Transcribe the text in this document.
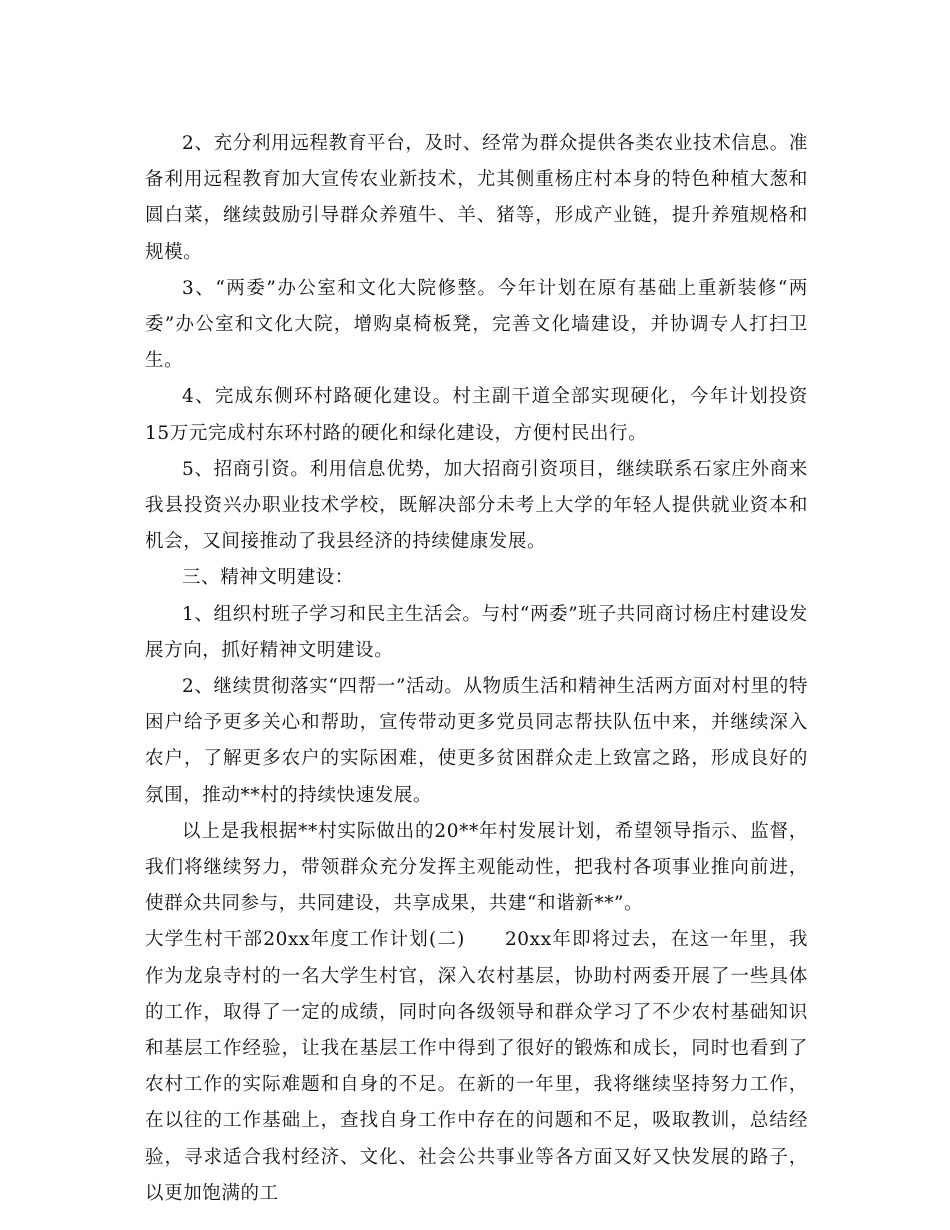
2、充分利用远程教育平台，及时、经常为群众提供各类农业技术信息。准备利用远程教育加大宣传农业新技术，尤其侧重杨庄村本身的特色种植大葱和圆白菜，继续鼓励引导群众养殖牛、羊、猪等，形成产业链，提升养殖规格和规模。

3、“两委”办公室和文化大院修整。今年计划在原有基础上重新装修“两委”办公室和文化大院，增购桌椅板凳，完善文化墙建设，并协调专人打扫卫生。

4、完成东侧环村路硬化建设。村主副干道全部实现硬化，今年计划投资15万元完成村东环村路的硬化和绿化建设，方便村民出行。

5、招商引资。利用信息优势，加大招商引资项目，继续联系石家庄外商来我县投资兴办职业技术学校，既解决部分未考上大学的年轻人提供就业资本和机会，又间接推动了我县经济的持续健康发展。

三、精神文明建设：

1、组织村班子学习和民主生活会。与村“两委”班子共同商讨杨庄村建设发展方向，抓好精神文明建设。

2、继续贯彻落实“四帮一”活动。从物质生活和精神生活两方面对村里的特困户给予更多关心和帮助，宣传带动更多党员同志帮扶队伍中来，并继续深入农户，了解更多农户的实际困难，使更多贫困群众走上致富之路，形成良好的氛围，推动**村的持续快速发展。

以上是我根据**村实际做出的20**年村发展计划，希望领导指示、监督，我们将继续努力，带领群众充分发挥主观能动性，把我村各项事业推向前进，使群众共同参与，共同建设，共享成果，共建“和谐新**”。

大学生村干部20xx年度工作计划(二)　　20xx年即将过去，在这一年里，我作为龙泉寺村的一名大学生村官，深入农村基层，协助村两委开展了一些具体的工作，取得了一定的成绩，同时向各级领导和群众学习了不少农村基础知识和基层工作经验，让我在基层工作中得到了很好的锻炼和成长，同时也看到了农村工作的实际难题和自身的不足。在新的一年里，我将继续坚持努力工作，在以往的工作基础上，查找自身工作中存在的问题和不足，吸取教训，总结经验，寻求适合我村经济、文化、社会公共事业等各方面又好又快发展的路子，以更加饱满的工
